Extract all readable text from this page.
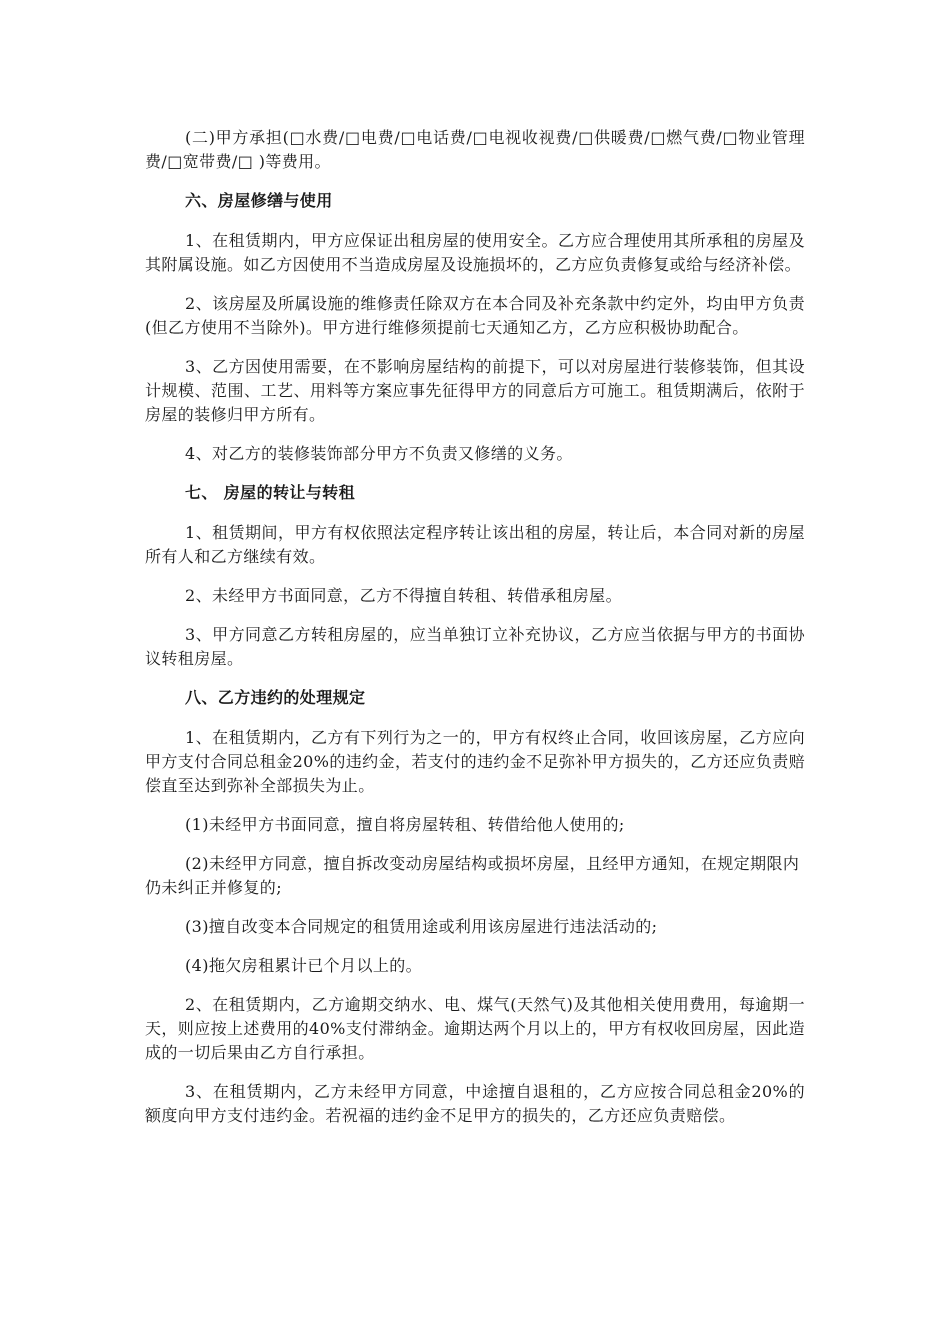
(二)甲方承担(□水费/□电费/□电话费/□电视收视费/□供暖费/□燃气费/□物业管理费/□宽带费/□ )等费用。

六、房屋修缮与使用

1、在租赁期内，甲方应保证出租房屋的使用安全。乙方应合理使用其所承租的房屋及其附属设施。如乙方因使用不当造成房屋及设施损坏的，乙方应负责修复或给与经济补偿。

2、该房屋及所属设施的维修责任除双方在本合同及补充条款中约定外，均由甲方负责(但乙方使用不当除外)。甲方进行维修须提前七天通知乙方，乙方应积极协助配合。

3、乙方因使用需要，在不影响房屋结构的前提下，可以对房屋进行装修装饰，但其设计规模、范围、工艺、用料等方案应事先征得甲方的同意后方可施工。租赁期满后，依附于房屋的装修归甲方所有。

4、对乙方的装修装饰部分甲方不负责又修缮的义务。

七、 房屋的转让与转租

1、租赁期间，甲方有权依照法定程序转让该出租的房屋，转让后，本合同对新的房屋所有人和乙方继续有效。

2、未经甲方书面同意，乙方不得擅自转租、转借承租房屋。

3、甲方同意乙方转租房屋的，应当单独订立补充协议，乙方应当依据与甲方的书面协议转租房屋。

八、乙方违约的处理规定

1、在租赁期内，乙方有下列行为之一的，甲方有权终止合同，收回该房屋，乙方应向甲方支付合同总租金20%的违约金，若支付的违约金不足弥补甲方损失的，乙方还应负责赔偿直至达到弥补全部损失为止。

(1)未经甲方书面同意，擅自将房屋转租、转借给他人使用的;

(2)未经甲方同意，擅自拆改变动房屋结构或损坏房屋，且经甲方通知，在规定期限内仍未纠正并修复的;

(3)擅自改变本合同规定的租赁用途或利用该房屋进行违法活动的;

(4)拖欠房租累计已个月以上的。

2、在租赁期内，乙方逾期交纳水、电、煤气(天然气)及其他相关使用费用，每逾期一天，则应按上述费用的40%支付滞纳金。逾期达两个月以上的，甲方有权收回房屋，因此造成的一切后果由乙方自行承担。

3、在租赁期内，乙方未经甲方同意，中途擅自退租的，乙方应按合同总租金20%的额度向甲方支付违约金。若祝福的违约金不足甲方的损失的，乙方还应负责赔偿。
